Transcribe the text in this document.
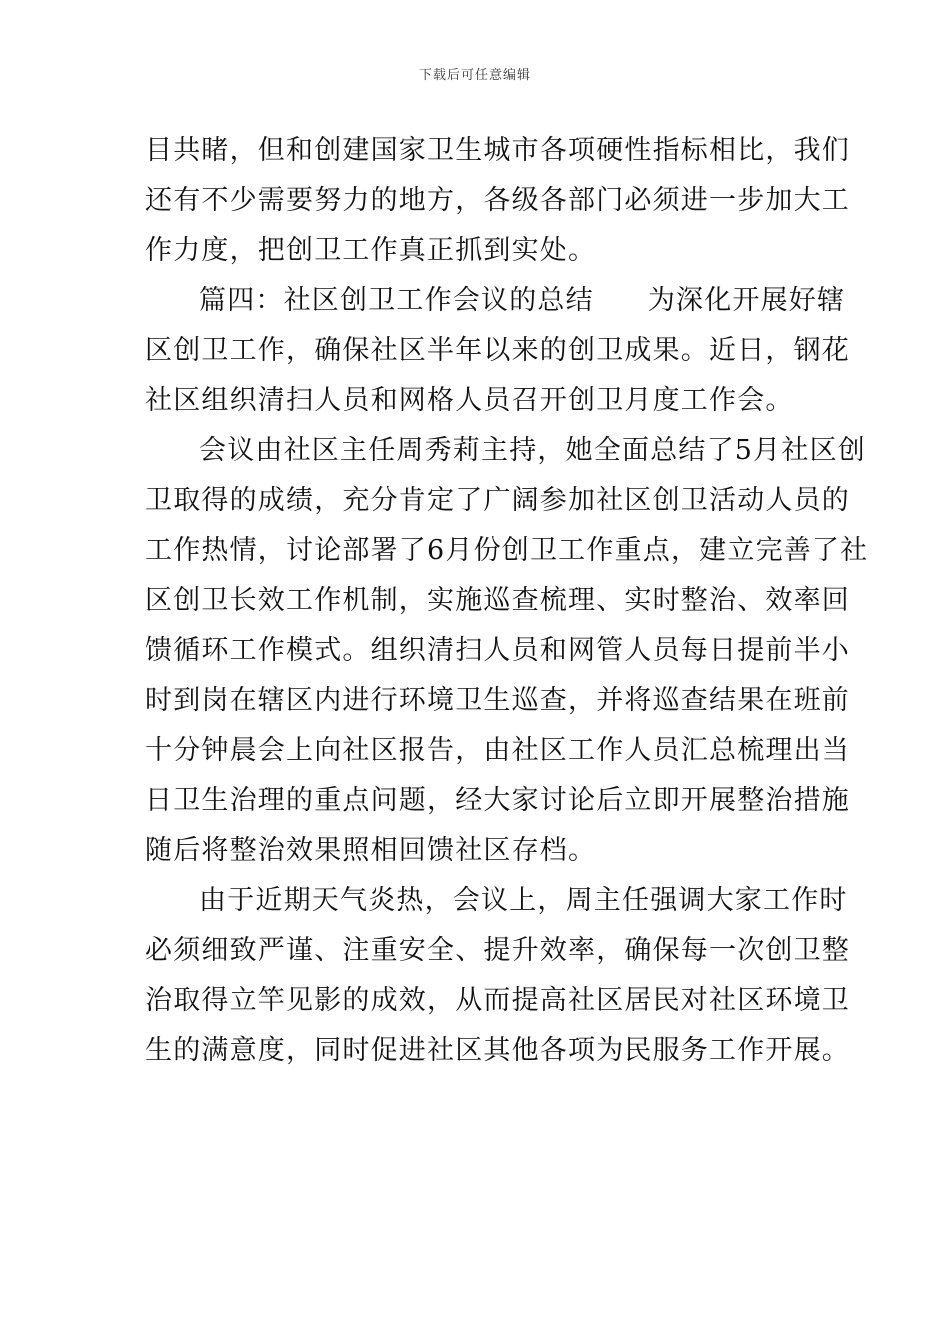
下载后可任意编辑
目共睹，但和创建国家卫生城市各项硬性指标相比，我们
还有不少需要努力的地方，各级各部门必须进一步加大工
作力度，把创卫工作真正抓到实处。
篇四：社区创卫工作会议的总结 为深化开展好辖
区创卫工作，确保社区半年以来的创卫成果。近日，钢花
社区组织清扫人员和网格人员召开创卫月度工作会。
会议由社区主任周秀莉主持，她全面总结了5月社区创
卫取得的成绩，充分肯定了广阔参加社区创卫活动人员的
工作热情，讨论部署了6月份创卫工作重点，建立完善了社
区创卫长效工作机制，实施巡查梳理、实时整治、效率回
馈循环工作模式。组织清扫人员和网管人员每日提前半小
时到岗在辖区内进行环境卫生巡查，并将巡查结果在班前
十分钟晨会上向社区报告，由社区工作人员汇总梳理出当
日卫生治理的重点问题，经大家讨论后立即开展整治措施
随后将整治效果照相回馈社区存档。
由于近期天气炎热，会议上，周主任强调大家工作时
必须细致严谨、注重安全、提升效率，确保每一次创卫整
治取得立竿见影的成效，从而提高社区居民对社区环境卫
生的满意度，同时促进社区其他各项为民服务工作开展。
